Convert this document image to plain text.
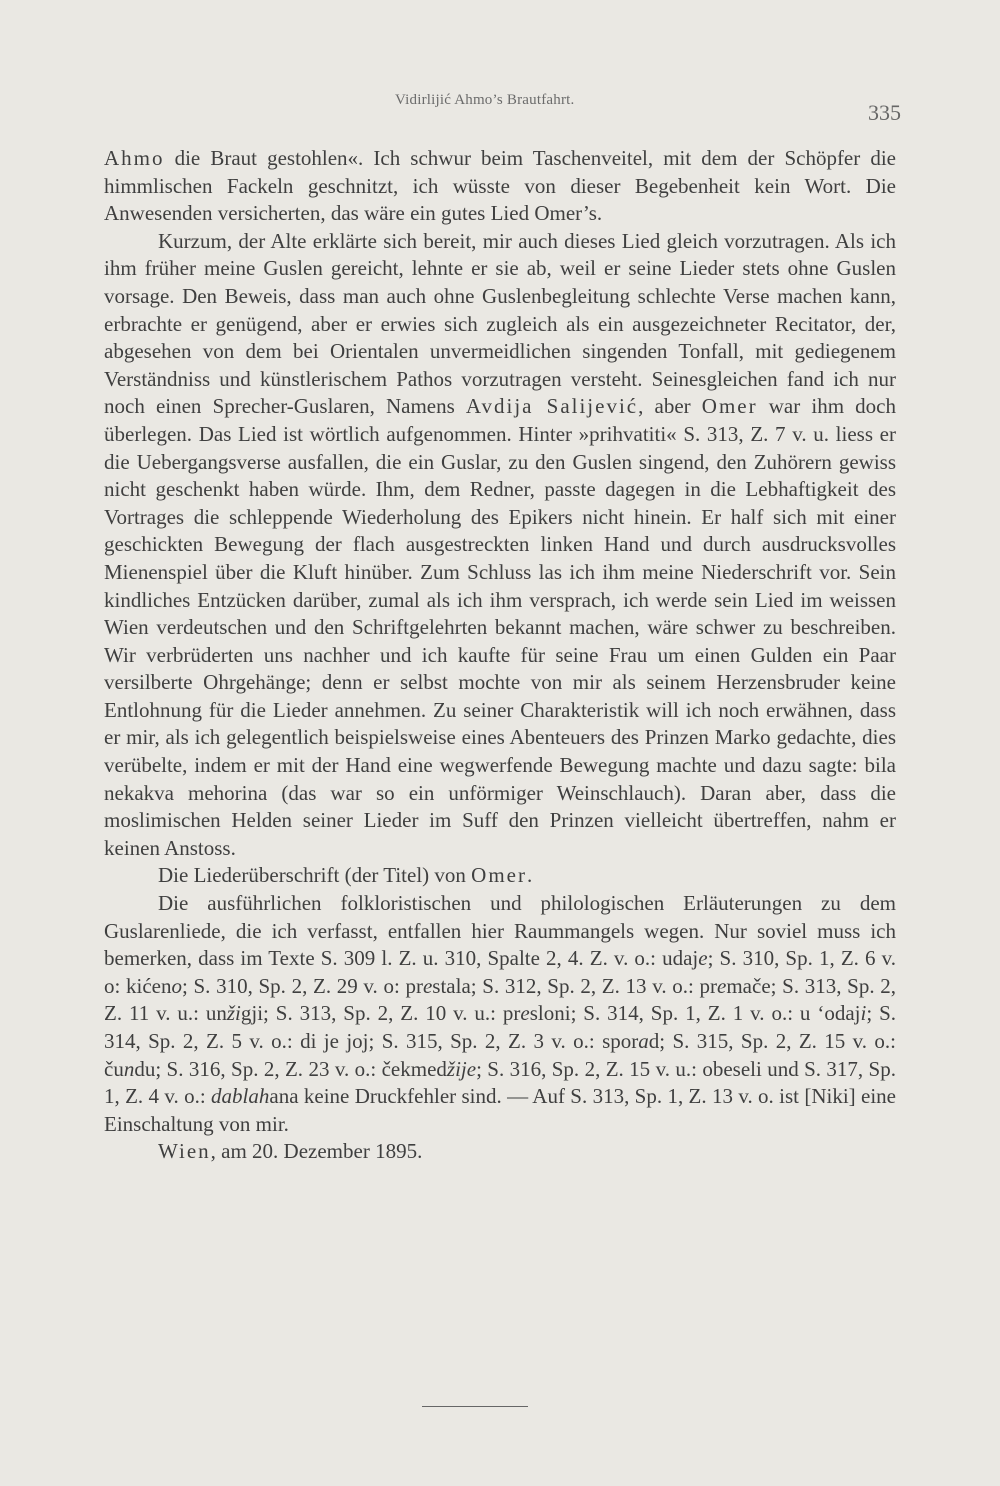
Vidirlijić Ahmo’s Brautfahrt.	335

Ahmo die Braut gestohlen«. Ich schwur beim Taschenveitel, mit dem der Schöpfer die himmlischen Fackeln geschnitzt, ich wüsste von dieser Begebenheit kein Wort. Die Anwesenden versicherten, das wäre ein gutes Lied Omer’s.

Kurzum, der Alte erklärte sich bereit, mir auch dieses Lied gleich vorzutragen. Als ich ihm früher meine Guslen gereicht, lehnte er sie ab, weil er seine Lieder stets ohne Guslen vorsage. Den Beweis, dass man auch ohne Guslenbegleitung schlechte Verse machen kann, erbrachte er genügend, aber er erwies sich zugleich als ein ausgezeichneter Recitator, der, abgesehen von dem bei Orientalen unvermeidlichen singenden Tonfall, mit gediegenem Verständniss und künstlerischem Pathos vorzutragen versteht. Seinesgleichen fand ich nur noch einen Sprecher-Guslaren, Namens Avdija Salijević, aber Omer war ihm doch überlegen. Das Lied ist wörtlich aufgenommen. Hinter »prihvatiti« S. 313, Z. 7 v. u. liess er die Uebergangsverse ausfallen, die ein Guslar, zu den Guslen singend, den Zuhörern gewiss nicht geschenkt haben würde. Ihm, dem Redner, passte dagegen in die Lebhaftigkeit des Vortrages die schleppende Wiederholung des Epikers nicht hinein. Er half sich mit einer geschickten Bewegung der flach ausgestreckten linken Hand und durch ausdrucksvolles Mienenspiel über die Kluft hinüber. Zum Schluss las ich ihm meine Niederschrift vor. Sein kindliches Entzücken darüber, zumal als ich ihm versprach, ich werde sein Lied im weissen Wien verdeutschen und den Schriftgelehrten bekannt machen, wäre schwer zu beschreiben. Wir verbrüderten uns nachher und ich kaufte für seine Frau um einen Gulden ein Paar versilberte Ohrgehänge; denn er selbst mochte von mir als seinem Herzensbruder keine Entlohnung für die Lieder annehmen. Zu seiner Charakteristik will ich noch erwähnen, dass er mir, als ich gelegentlich beispielsweise eines Abenteuers des Prinzen Marko gedachte, dies verübelte, indem er mit der Hand eine wegwerfende Bewegung machte und dazu sagte: bila nekakva mehorina (das war so ein unförmiger Weinschlauch). Daran aber, dass die moslimischen Helden seiner Lieder im Suff den Prinzen vielleicht übertreffen, nahm er keinen Anstoss.

Die Liederüberschrift (der Titel) von Omer.

Die ausführlichen folkloristischen und philologischen Erläuterungen zu dem Guslarenliede, die ich verfasst, entfallen hier Raummangels wegen. Nur soviel muss ich bemerken, dass im Texte S. 309 l. Z. u. 310, Spalte 2, 4. Z. v. o.: udaje; S. 310, Sp. 1, Z. 6 v. o: kićeno; S. 310, Sp. 2, Z. 29 v. o: prestala; S. 312, Sp. 2, Z. 13 v. o.: premače; S. 313, Sp. 2, Z. 11 v. u.: unžigji; S. 313, Sp. 2, Z. 10 v. u.: presloni; S. 314, Sp. 1, Z. 1 v. o.: u ‘odaji; S. 314, Sp. 2, Z. 5 v. o.: di je joj; S. 315, Sp. 2, Z. 3 v. o.: sporad; S. 315, Sp. 2, Z. 15 v. o.: čundu; S. 316, Sp. 2, Z. 23 v. o.: čekmedžije; S. 316, Sp. 2, Z. 15 v. u.: obeseli und S. 317, Sp. 1, Z. 4 v. o.: dablahana keine Druckfehler sind. — Auf S. 313, Sp. 1, Z. 13 v. o. ist [Niki] eine Einschaltung von mir.

Wien, am 20. Dezember 1895.
